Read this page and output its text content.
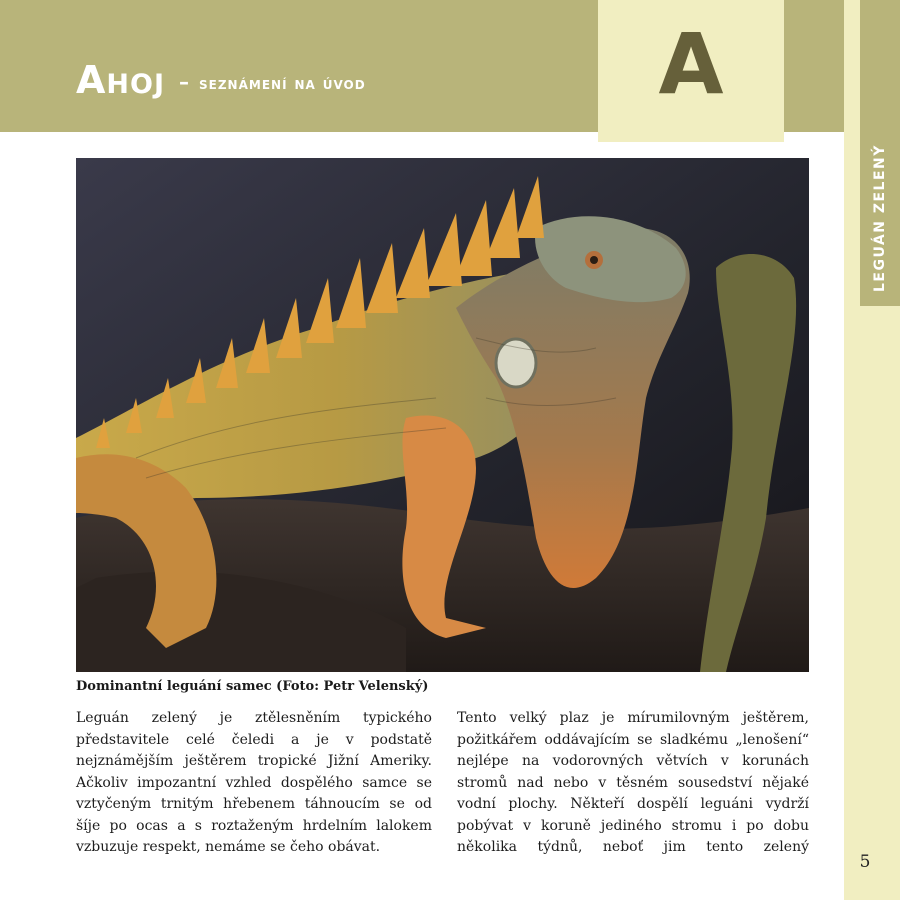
Ahoj – seznámení na úvod	A
LEGUÁN ZELENÝ
Dominantní leguání samec (Foto: Petr Velenský)

Leguán zelený je ztělesněním typického představitele celé čeledi a je v podstatě nejznámějším ještěrem tropické Jižní Ameriky. Ačkoliv impozantní vzhled dospělého samce se vztyčeným trnitým hřebenem táhnoucím se od šíje po ocas a s roztaženým hrdelním lalokem vzbuzuje respekt, nemáme se čeho obávat.

Tento velký plaz je mírumilovným ještěrem, požitkářem oddávajícím se sladkému „lenošení“ nejlépe na vodorovných větvích v korunách stromů nad nebo v těsném sousedství nějaké vodní plochy. Někteří dospělí leguáni vydrží pobývat v koruně jediného stromu i po dobu několika týdnů, neboť jim tento zelený

5
